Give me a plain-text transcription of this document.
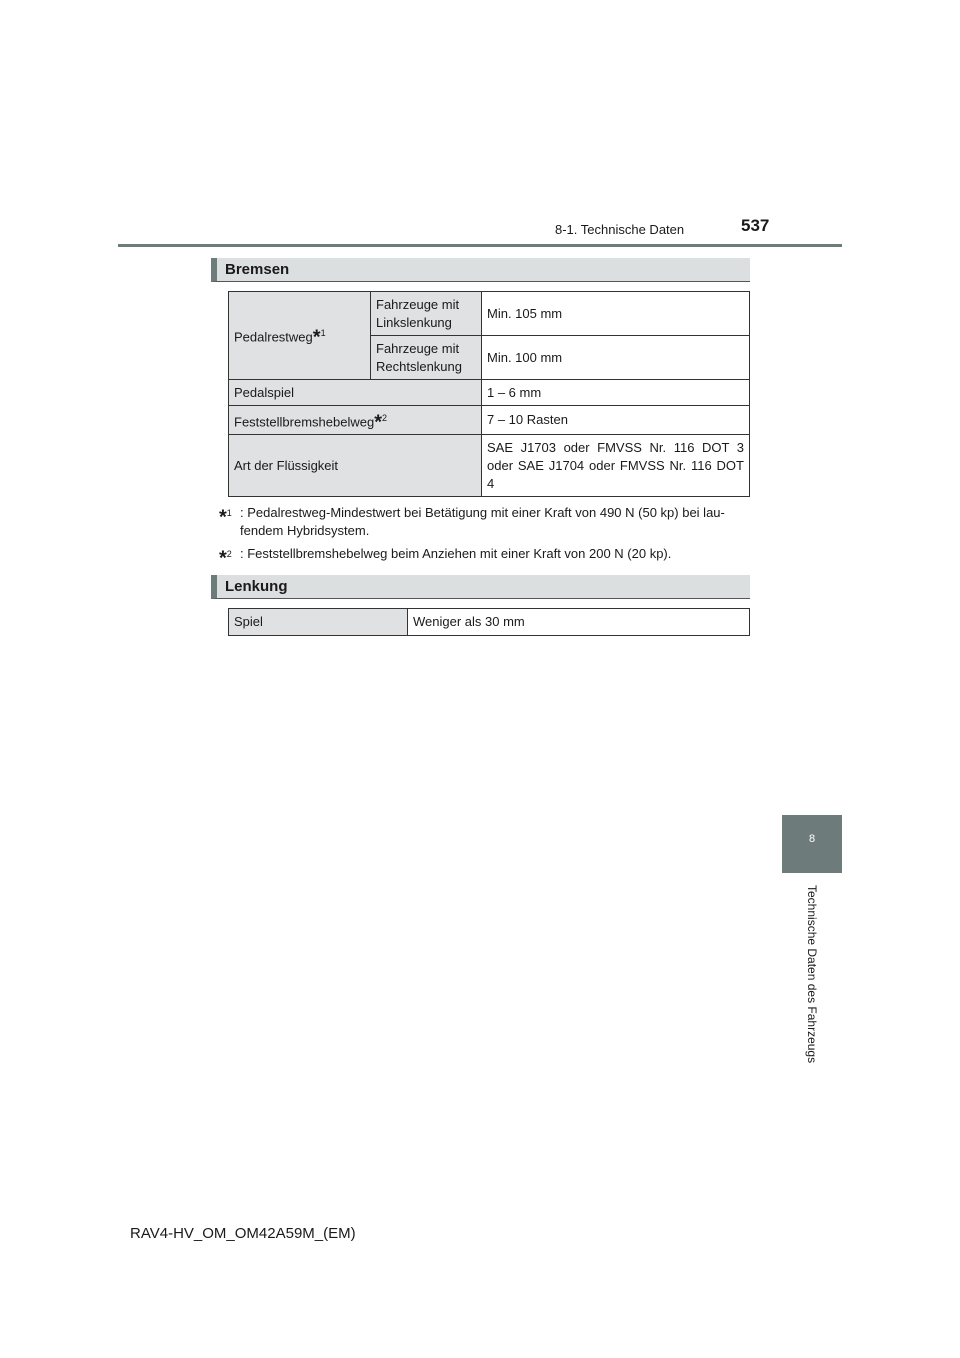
8-1. Technische Daten	537
Bremsen
Pedalrestweg*$^1$	Fahrzeuge mit Linkslenkung	Min. 105 mm
	Fahrzeuge mit Rechtslenkung	Min. 100 mm
Pedalspiel		1 – 6 mm
Feststellbremshebelweg*$^2$		7 – 10 Rasten
Art der Flüssigkeit		SAE J1703 oder FMVSS Nr. 116 DOT 3 oder SAE J1704 oder FMVSS Nr. 116 DOT 4
*$^1$ : Pedalrestweg-Mindestwert bei Betätigung mit einer Kraft von 490 N (50 kp) bei lau- fendem Hybridsystem.
*$^2$ : Feststellbremshebelweg beim Anziehen mit einer Kraft von 200 N (20 kp).
Lenkung
Spiel	Weniger als 30 mm
8
Technische Daten des Fahrzeugs
RAV4-HV_OM_OM42A59M_(EM)
